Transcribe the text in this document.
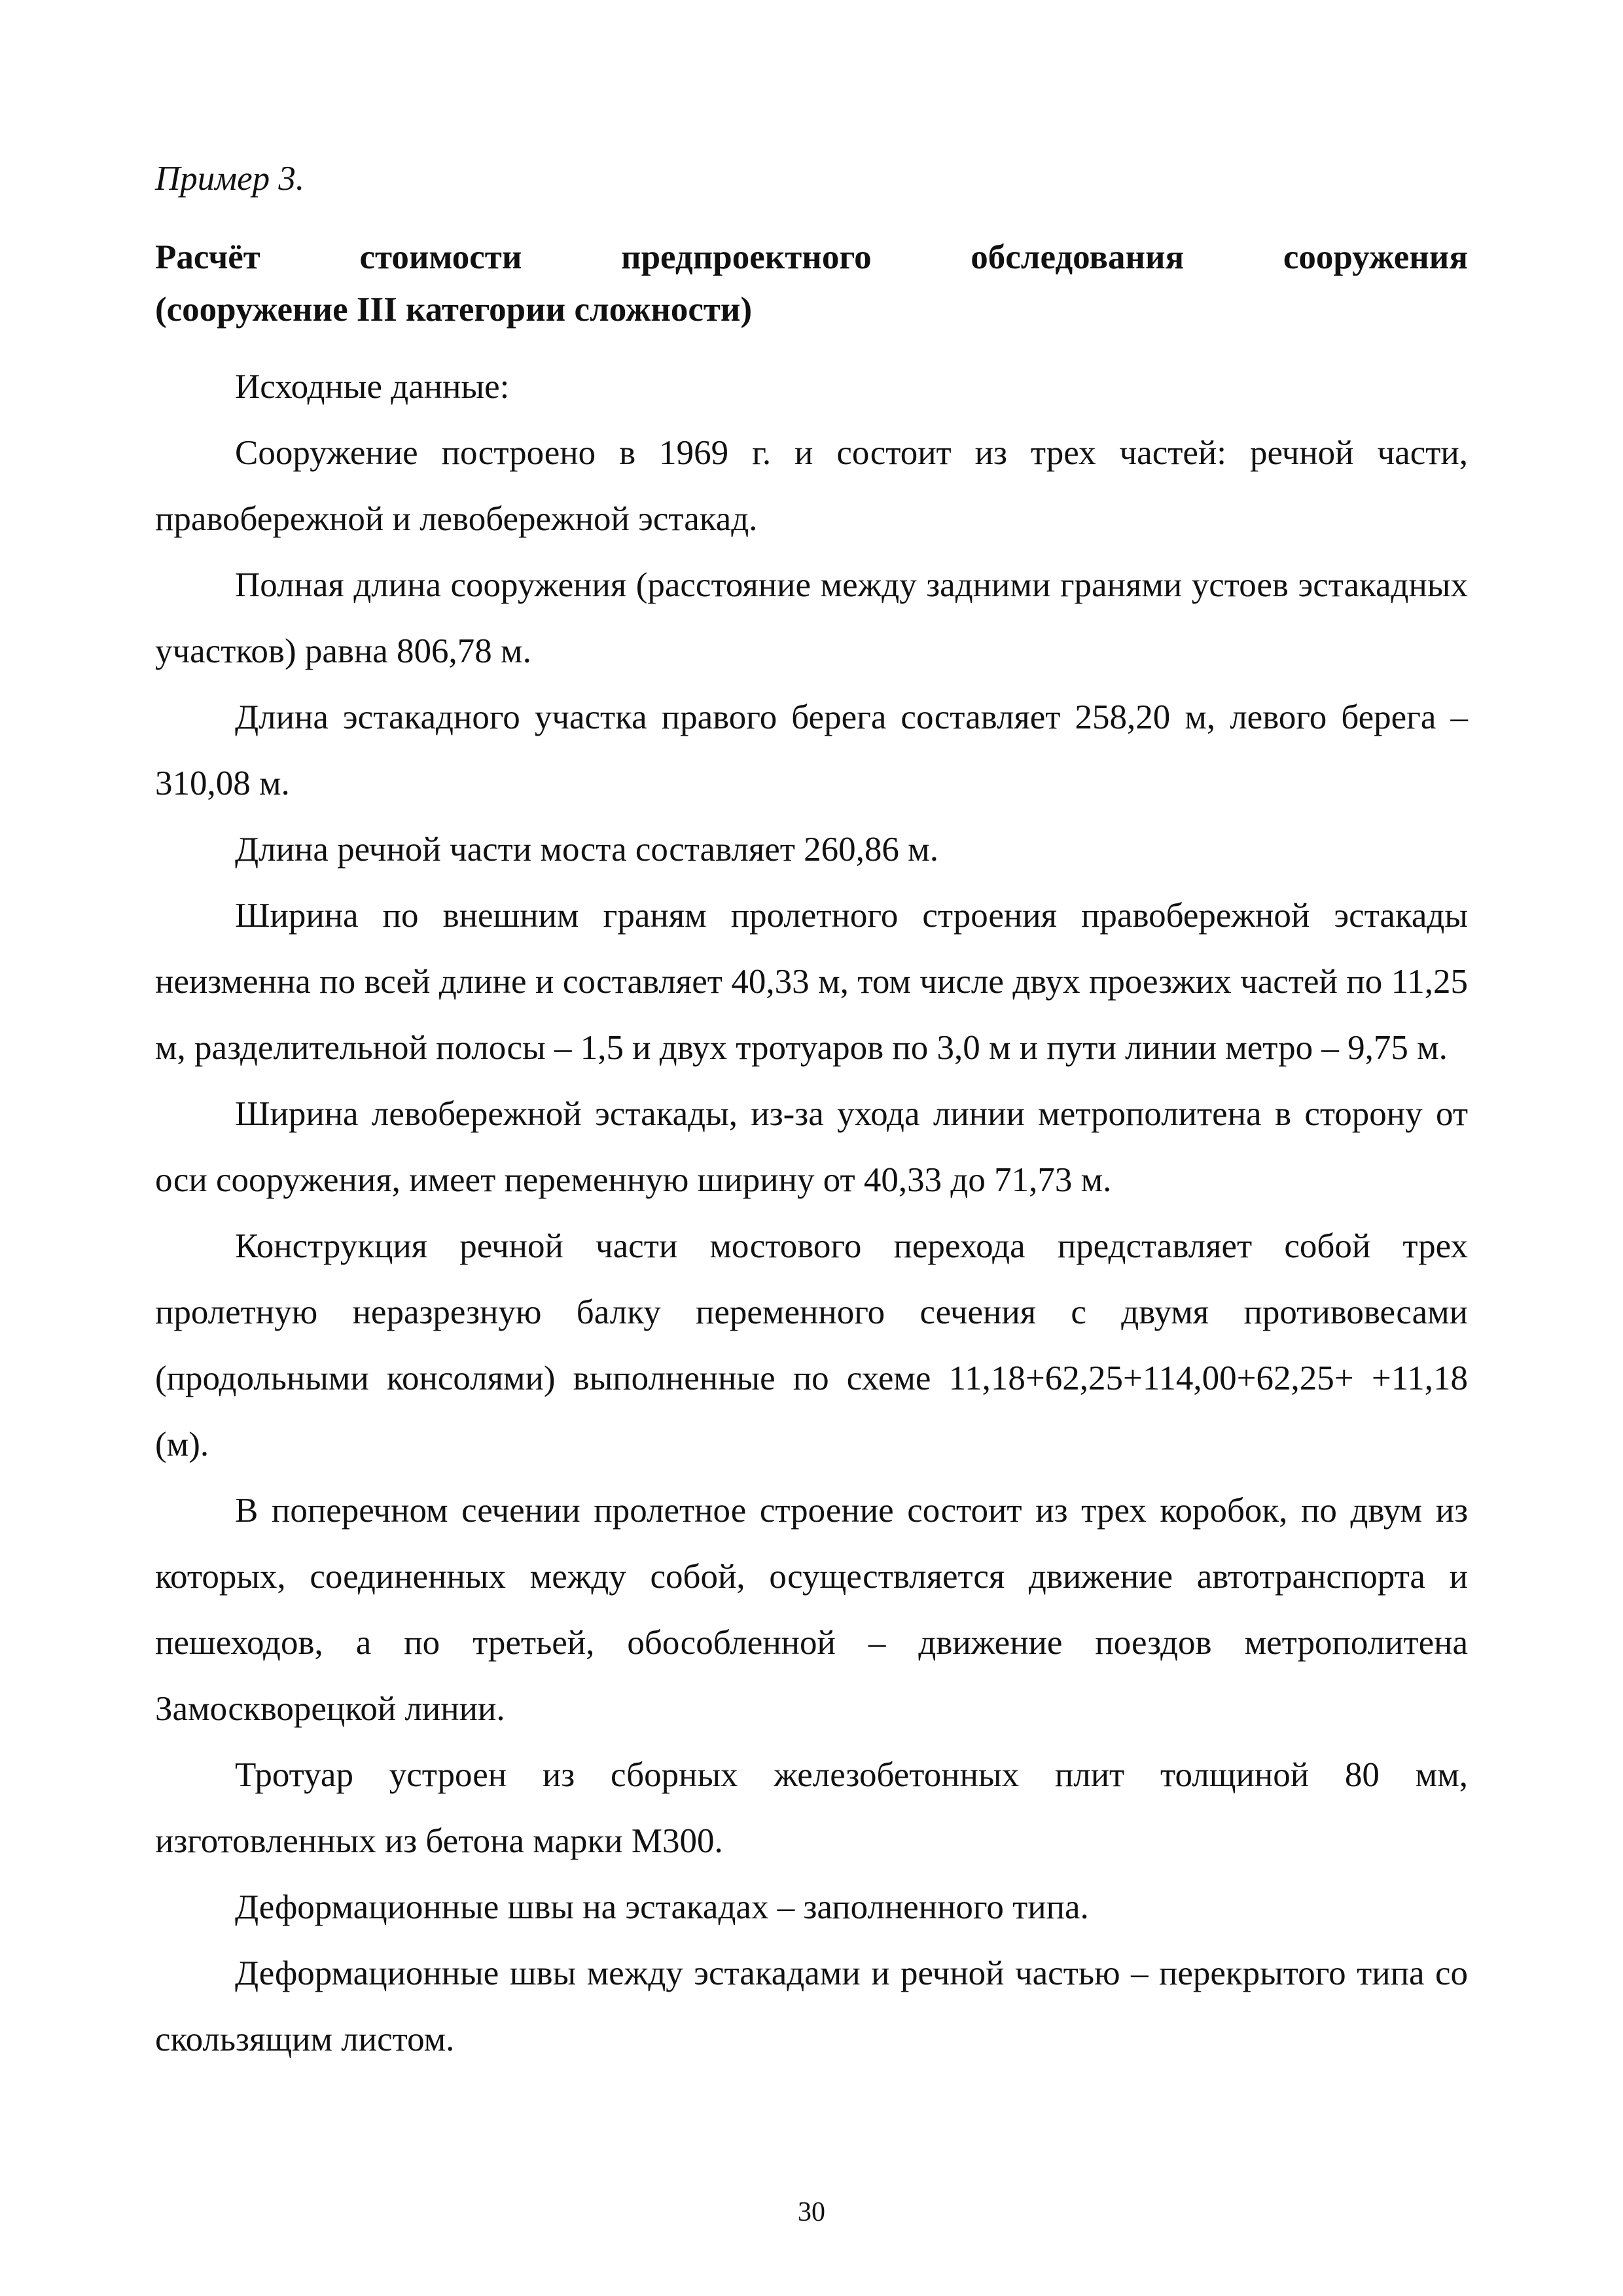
Пример 3.

Расчёт стоимости предпроектного обследования сооружения
(сооружение III категории сложности)

Исходные данные:

Сооружение построено в 1969 г. и состоит из трех частей: речной части, правобережной и левобережной эстакад.

Полная длина сооружения (расстояние между задними гранями устоев эстакадных участков) равна 806,78 м.

Длина эстакадного участка правого берега составляет 258,20 м, левого берега – 310,08 м.

Длина речной части моста составляет 260,86 м.

Ширина по внешним граням пролетного строения правобережной эстакады неизменна по всей длине и составляет 40,33 м, том числе двух проезжих частей по 11,25 м, разделительной полосы – 1,5 и двух тротуаров по 3,0 м и пути линии метро – 9,75 м.

Ширина левобережной эстакады, из-за ухода линии метрополитена в сторону от оси сооружения, имеет переменную ширину от 40,33 до 71,73 м.

Конструкция речной части мостового перехода представляет собой трех пролетную неразрезную балку переменного сечения с двумя противовесами (продольными консолями) выполненные по схеме 11,18+62,25+114,00+62,25+ +11,18 (м).

В поперечном сечении пролетное строение состоит из трех коробок, по двум из которых, соединенных между собой, осуществляется движение автотранспорта и пешеходов, а по третьей, обособленной – движение поездов метрополитена Замоскворецкой линии.

Тротуар устроен из сборных железобетонных плит толщиной 80 мм, изготовленных из бетона марки М300.

Деформационные швы на эстакадах – заполненного типа.

Деформационные швы между эстакадами и речной частью – перекрытого типа со скользящим листом.

30
